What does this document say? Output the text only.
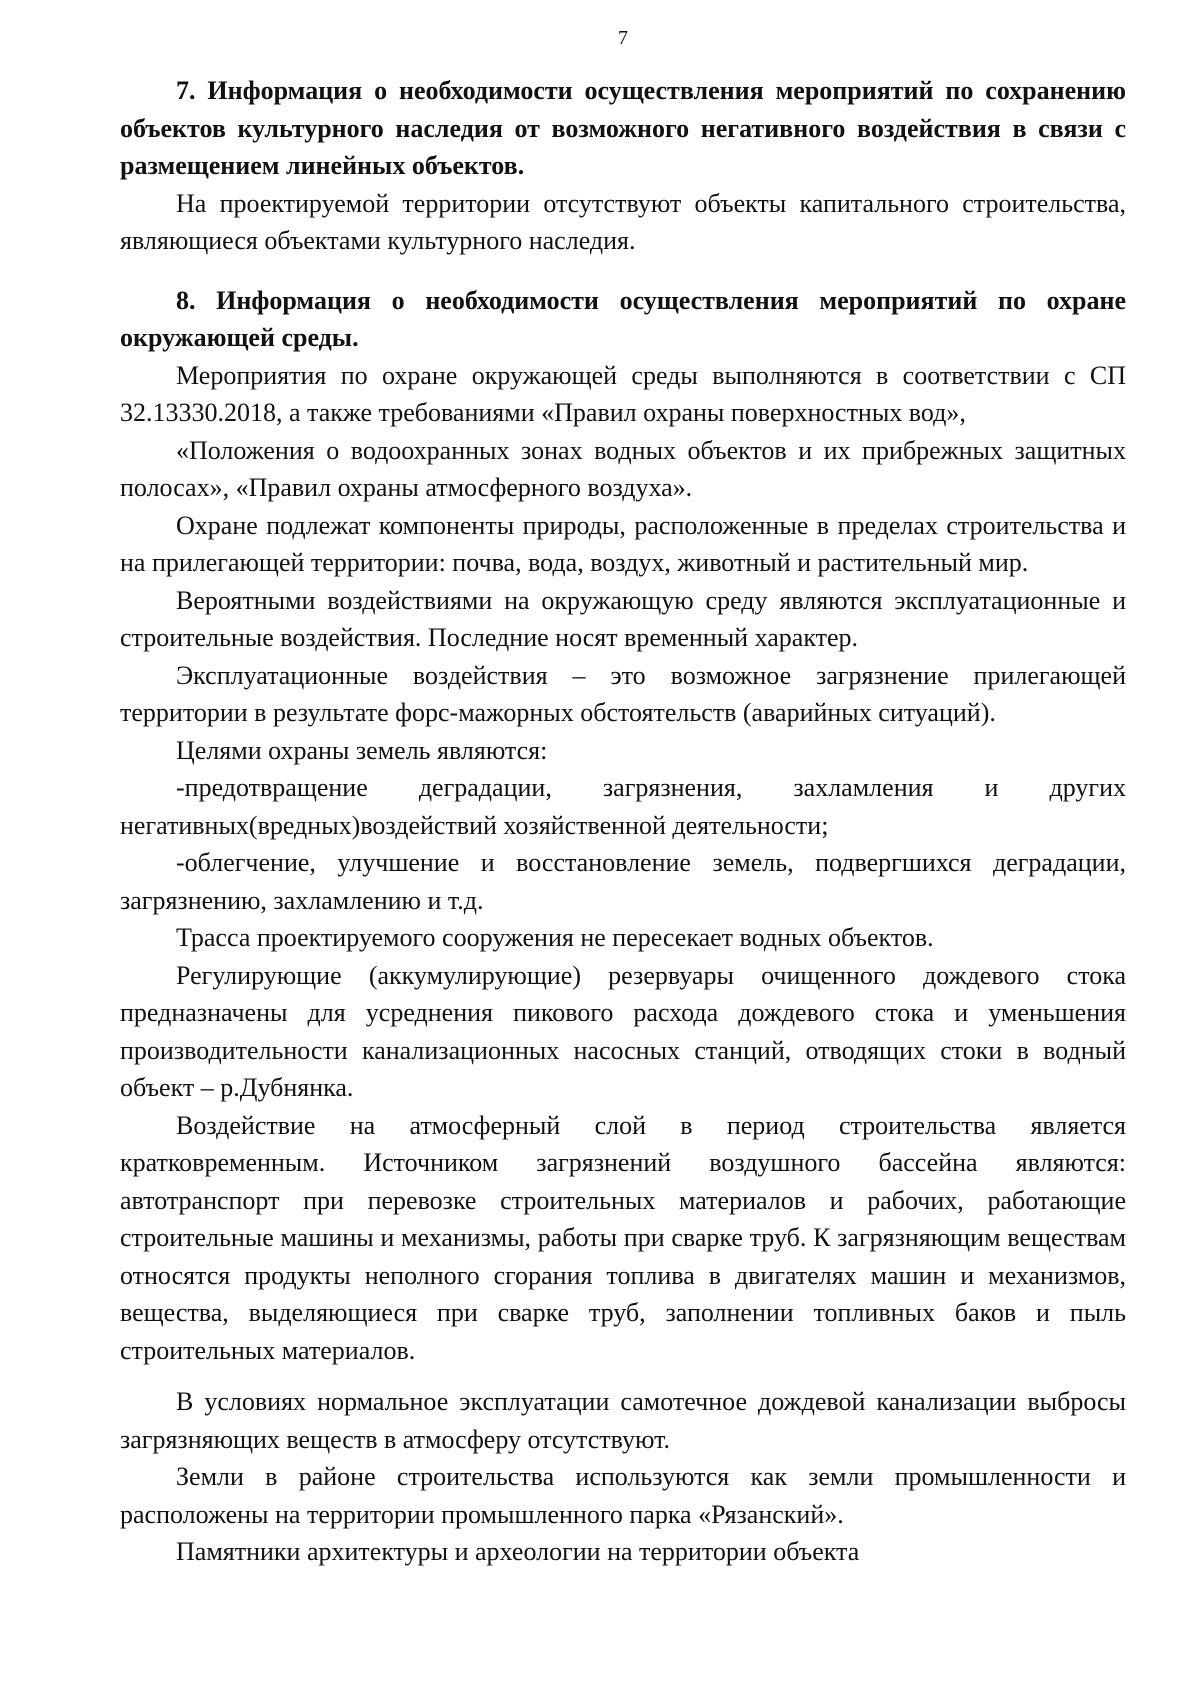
7

7. Информация о необходимости осуществления мероприятий по сохранению объектов культурного наследия от возможного негативного воздействия в связи с размещением линейных объектов.

На проектируемой территории отсутствуют объекты капитального строительства, являющиеся объектами культурного наследия.

8. Информация о необходимости осуществления мероприятий по охране окружающей среды.

Мероприятия по охране окружающей среды выполняются в соответствии с СП 32.13330.2018, а также требованиями «Правил охраны поверхностных вод»,

«Положения о водоохранных зонах водных объектов и их прибрежных защитных полосах», «Правил охраны атмосферного воздуха».

Охране подлежат компоненты природы, расположенные в пределах строительства и на прилегающей территории: почва, вода, воздух, животный и растительный мир.

Вероятными воздействиями на окружающую среду являются эксплуатационные и строительные воздействия. Последние носят временный характер.

Эксплуатационные воздействия – это возможное загрязнение прилегающей территории в результате форс-мажорных обстоятельств (аварийных ситуаций).

Целями охраны земель являются:

-предотвращение деградации, загрязнения, захламления и других негативных(вредных)воздействий хозяйственной деятельности;

-облегчение, улучшение и восстановление земель, подвергшихся деградации, загрязнению, захламлению и т.д.

Трасса проектируемого сооружения не пересекает водных объектов.

Регулирующие (аккумулирующие) резервуары очищенного дождевого стока предназначены для усреднения пикового расхода дождевого стока и уменьшения производительности канализационных насосных станций, отводящих стоки в водный объект – р.Дубнянка.

Воздействие на атмосферный слой в период строительства является кратковременным. Источником загрязнений воздушного бассейна являются: автотранспорт при перевозке строительных материалов и рабочих, работающие строительные машины и механизмы, работы при сварке труб. К загрязняющим веществам относятся продукты неполного сгорания топлива в двигателях машин и механизмов, вещества, выделяющиеся при сварке труб, заполнении топливных баков и пыль строительных материалов.

В условиях нормальное эксплуатации самотечное дождевой канализации выбросы загрязняющих веществ в атмосферу отсутствуют.

Земли в районе строительства используются как земли промышленности и расположены на территории промышленного парка «Рязанский».

Памятники архитектуры и археологии на территории объекта
